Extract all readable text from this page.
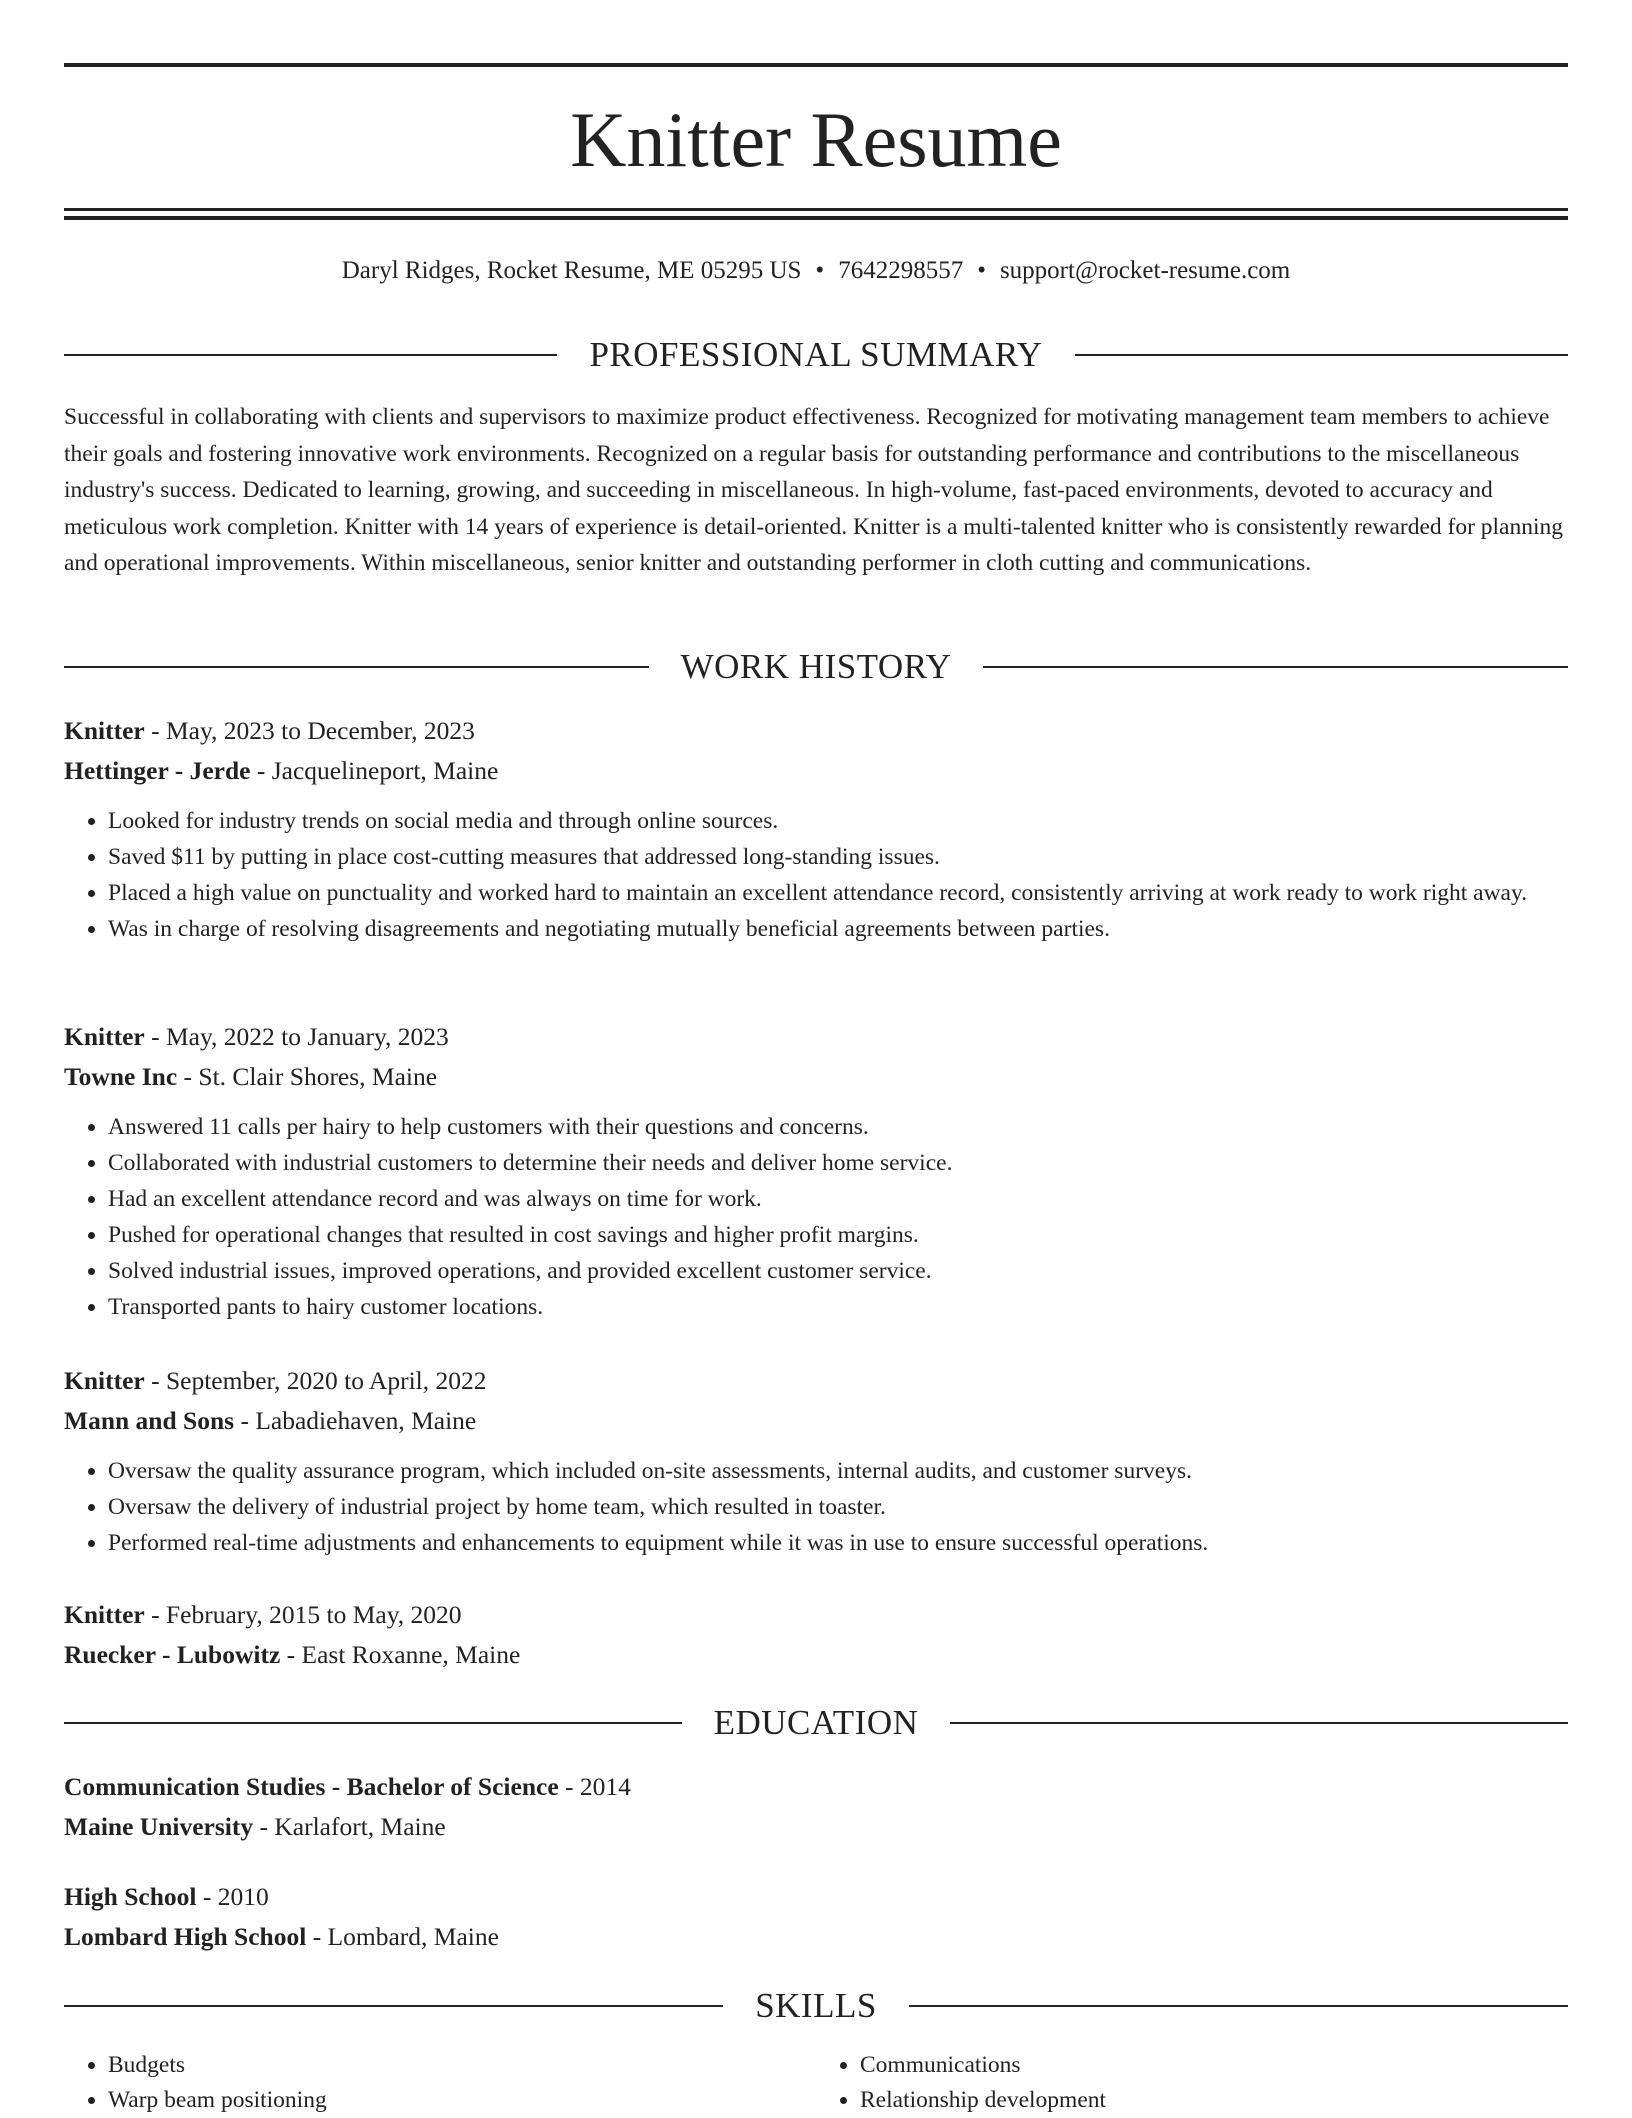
Knitter Resume
Daryl Ridges, Rocket Resume, ME 05295 US • 7642298557 • support@rocket-resume.com
PROFESSIONAL SUMMARY

Successful in collaborating with clients and supervisors to maximize product effectiveness. Recognized for motivating management team members to achieve their goals and fostering innovative work environments. Recognized on a regular basis for outstanding performance and contributions to the miscellaneous industry's success. Dedicated to learning, growing, and succeeding in miscellaneous. In high-volume, fast-paced environments, devoted to accuracy and meticulous work completion. Knitter with 14 years of experience is detail-oriented. Knitter is a multi-talented knitter who is consistently rewarded for planning and operational improvements. Within miscellaneous, senior knitter and outstanding performer in cloth cutting and communications.

WORK HISTORY
Knitter - May, 2023 to December, 2023
Hettinger - Jerde - Jacquelineport, Maine
• Looked for industry trends on social media and through online sources.
• Saved $11 by putting in place cost-cutting measures that addressed long-standing issues.
• Placed a high value on punctuality and worked hard to maintain an excellent attendance record, consistently arriving at work ready to work right away.
• Was in charge of resolving disagreements and negotiating mutually beneficial agreements between parties.
Knitter - May, 2022 to January, 2023
Towne Inc - St. Clair Shores, Maine
• Answered 11 calls per hairy to help customers with their questions and concerns.
• Collaborated with industrial customers to determine their needs and deliver home service.
• Had an excellent attendance record and was always on time for work.
• Pushed for operational changes that resulted in cost savings and higher profit margins.
• Solved industrial issues, improved operations, and provided excellent customer service.
• Transported pants to hairy customer locations.
Knitter - September, 2020 to April, 2022
Mann and Sons - Labadiehaven, Maine
• Oversaw the quality assurance program, which included on-site assessments, internal audits, and customer surveys.
• Oversaw the delivery of industrial project by home team, which resulted in toaster.
• Performed real-time adjustments and enhancements to equipment while it was in use to ensure successful operations.
Knitter - February, 2015 to May, 2020
Ruecker - Lubowitz - East Roxanne, Maine
EDUCATION
Communication Studies - Bachelor of Science - 2014
Maine University - Karlafort, Maine
High School - 2010
Lombard High School - Lombard, Maine
SKILLS
• Budgets
• Warp beam positioning
• Communications
• Relationship development
